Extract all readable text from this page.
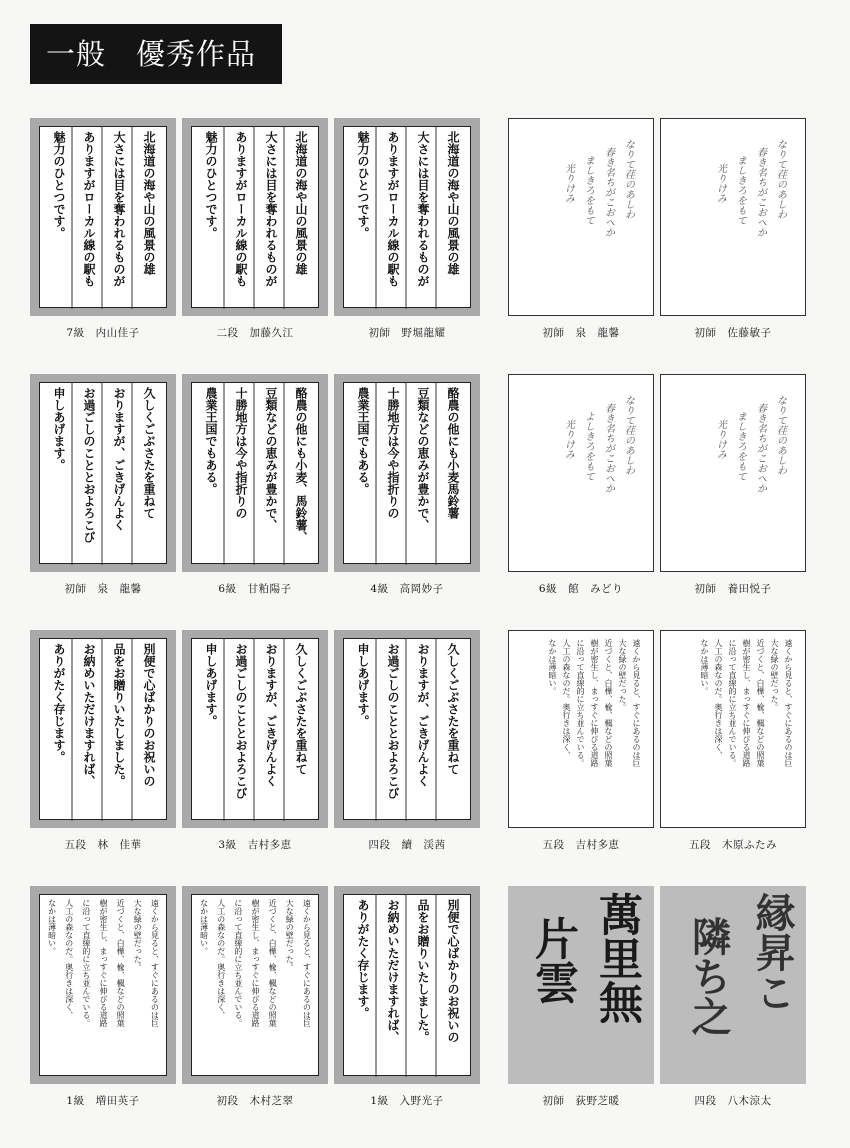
一般　優秀作品
北海道の海や山の風景の雄
大さには目を奪われるものが
ありますがローカル線の駅も
魅力のひとつです。
7級　内山佳子
北海道の海や山の風景の雄
大さには目を奪われるものが
ありますがローカル線の駅も
魅力のひとつです。
二段　加藤久江
北海道の海や山の風景の雄
大さには目を奪われるものが
ありますがローカル線の駅も
魅力のひとつです。
初師　野堀龍耀
なりて荏のあしわ
春き名ちがこおへか
ましきろをもて
光りけみ
初師　泉　龍馨
なりて荏のあしわ
春き名ちがこおへか
ましきろをもて
光りけみ
初師　佐藤敏子
久しくごぶさたを重ねて
おりますが、ごきげんよく
お過ごしのこととおよろこび
申しあげます。
初師　泉　龍馨
酪農の他にも小麦、馬鈴薯、
豆類などの恵みが豊かで、
十勝地方は今や指折りの
農業王国でもある。
6級　甘粕陽子
酪農の他にも小麦馬鈴薯
豆類などの恵みが豊かで、
十勝地方は今や指折りの
農業王国でもある。
4級　高岡妙子
なりて荏のあしわ
春き名ちがこおへか
よしきろをもて
光りけみ
6級　館　みどり
なりて荏のあしわ
春き名ちがこおへか
ましきろをもて
光りけみ
初師　養田悦子
別便で心ばかりのお祝いの
品をお贈りいたしました。
お納めいただけますれば、
ありがたく存じます。
五段　林　佳華
久しくごぶさたを重ねて
おりますが、ごきげんよく
お過ごしのこととおよろこび
申しあげます。
3級　吉村多恵
久しくごぶさたを重ねて
おりますが、ごきげんよく
お過ごしのこととおよろこび
申しあげます。
四段　續　渓茜
遠くから見ると、すぐにあるのは巨
大な緑の壁だった。
近づくと、白樺、楡、楓などの照葉
樹が密生し、まっすぐに伸びる道路
に沿って直線的に立ち並んでいる。
人工の森なのだ。奥行きは深く、
なかは薄暗い。
五段　吉村多恵
遠くから見ると、すぐにあるのは巨
大な緑の壁だった。
近づくと、白樺、楡、楓などの照葉
樹が密生し、まっすぐに伸びる道路
に沿って直線的に立ち並んでいる。
人工の森なのだ。奥行きは深く、
なかは薄暗い。
五段　木原ふたみ
遠くから見ると、すぐにあるのは巨
大な緑の壁だった。
近づくと、白樺、楡、楓などの照葉
樹が密生し、まっすぐに伸びる道路
に沿って直線的に立ち並んでいる。
人工の森なのだ。奥行きは深く、
なかは薄暗い。
1級　増田英子
遠くから見ると、すぐにあるのは巨
大な緑の壁だった。
近づくと、白樺、楡、楓などの照葉
樹が密生し、まっすぐに伸びる道路
に沿って直線的に立ち並んでいる。
人工の森なのだ。奥行きは深く、
なかは薄暗い。
初段　木村芝翠
別便で心ばかりのお祝いの
品をお贈りいたしました。
お納めいただけますれば、
ありがたく存じます。
1級　入野光子
萬里無
片雲
初師　荻野芝暖
縁昇こ
隣ち之
四段　八木涼太
